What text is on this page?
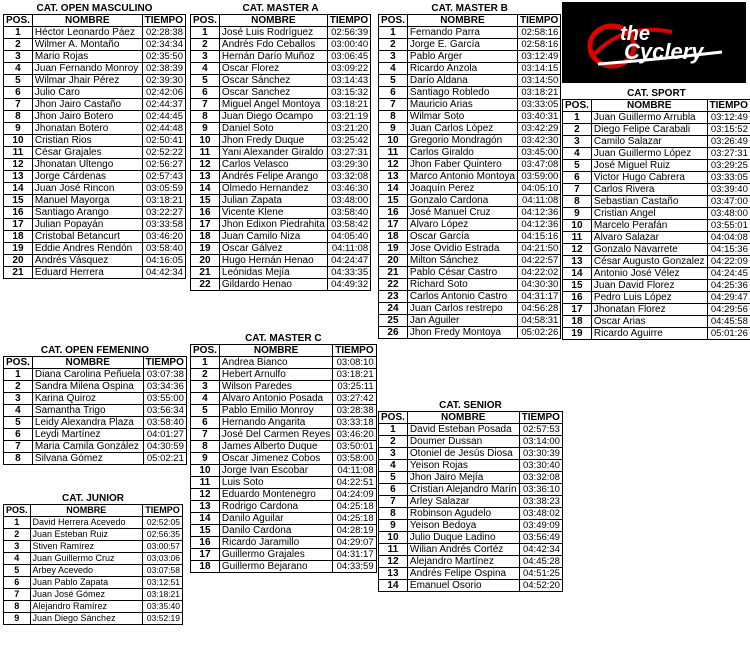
CAT. OPEN MASCULINO		
POS.	NOMBRE	TIEMPO
1	Héctor Leonardo Páez	02:28:38
2	Wilmer A. Montaño	02:34:34
3	Mario Rojas	02:35:50
4	Juan Fernando Monroy	02:38:39
5	Wilmar Jhair Pérez	02:39:30
6	Julio Caro	02:42:06
7	Jhon Jairo Castaño	02:44:37
8	Jhon Jairo Botero	02:44:45
9	Jhonatan Botero	02:44:48
10	Cristian Rios	02:50:41
11	César Grajales	02:52:22
12	Jhonatan Ultengo	02:56:27
13	Jorge Cárdenas	02:57:43
14	Juan José Rincon	03:05:59
15	Manuel Mayorga	03:18:21
16	Santiago Arango	03:22:27
17	Julian Popayán	03:33:58
18	Cristobal Betancurt	03:46:20
19	Eddie Andres Rendón	03:58:40
20	Andrés Vásquez	04:16:05
21	Eduard Herrera	04:42:34
CAT. OPEN FEMENINO		
POS.	NOMBRE	TIEMPO
1	Diana Carolina Peñuela	03:07:38
2	Sandra Milena Ospina	03:34:36
3	Karina Quiroz	03:55:00
4	Samantha Trigo	03:56:34
5	Leidy Alexandra Plaza	03:58:40
6	Leydi Martínez	04:01:27
7	Maria Camila González	04:30:59
8	Silvana Gómez	05:02:21
CAT. JUNIOR		
POS.	NOMBRE	TIEMPO
1	David Herrera Acevedo	02:52:05
2	Juan Esteban Ruiz	02:56:35
3	Stiven Ramírez	03:00:57
4	Juan Guillermo Cruz	03:03:06
5	Arbey Acevedo	03:07:58
6	Juan Pablo Zapata	03:12:51
7	Juan José Gómez	03:18:21
8	Alejandro Ramírez	03:35:40
9	Juan Diego Sánchez	03:52:19
CAT. MASTER A		
POS.	NOMBRE	TIEMPO
1	José Luis Rodríguez	02:56:39
2	Andrés Fdo Ceballos	03:00:40
3	Hernán Darío Muñoz	03:06:45
4	Oscar Florez	03:09:22
5	Oscar Sánchez	03:14:43
6	Oscar Sanchez	03:15:32
7	Miguel Angel Montoya	03:18:21
8	Juan Diego Ocampo	03:21:19
9	Daniel Soto	03:21:20
10	Jhon Fredy Duque	03:25:42
11	Yani Alexander Giraldo	03:27:31
12	Carlos Velasco	03:29:30
13	Andrés Felipe Arango	03:32:08
14	Olmedo Hernandez	03:46:30
15	Julian Zapata	03:48:00
16	Vicente Klene	03:58:40
17	Jhon Edixon Piedrahita	03:58:42
18	Juan Camilo Niza	04:05:40
19	Oscar Gálvez	04:11:08
20	Hugo Hernán Henao	04:24:47
21	Leónidas Mejía	04:33:35
22	Gildardo Henao	04:49:32
CAT. MASTER C		
POS.	NOMBRE	TIEMPO
1	Andrea Bianco	03:08:10
2	Hebert Arnulfo	03:18:21
3	Wilson Paredes	03:25:11
4	Álvaro Antonio Posada	03:27:42
5	Pablo Emilio Monroy	03:28:38
6	Hernando Angarita	03:33:18
7	José Del Carmen Reyes	03:46:20
8	James Alberto Duque	03:50:01
9	Oscar Jimenez Cobos	03:58:00
10	Jorge Ivan Escobar	04:11:08
11	Luis Soto	04:22:51
12	Eduardo Montenegro	04:24:09
13	Rodrigo Cardona	04:25:18
14	Danilo Aguilar	04:25:18
15	Danilo Cardona	04:28:19
16	Ricardo Jaramillo	04:29:07
17	Guillermo Grajales	04:31:17
18	Guillermo Bejarano	04:33:59
CAT. MASTER B		
POS.	NOMBRE	TIEMPO
1	Fernando Parra	02:58:16
2	Jorge E. García	02:58:16
3	Pablo Arger	03:12:49
4	Ricardo Anzola	03:14:15
5	Darío Aldana	03:14:50
6	Santiago Robledo	03:18:21
7	Mauricio Arias	03:33:05
8	Wilmar Soto	03:40:31
9	Juan Carlos López	03:42:29
10	Gregorio Mondragón	03:42:30
11	Carlos Giraldo	03:45:00
12	Jhon Faber Quintero	03:47:08
13	Marco Antonio Montoya	03:59:00
14	Joaquín Perez	04:05:10
15	Gonzalo Cardona	04:11:08
16	José Manuel Cruz	04:12:36
17	Alvaro López	04:12:36
18	Oscar García	04:15:16
19	Jose Ovidio Estrada	04:21:50
20	Milton Sánchez	04:22:57
21	Pablo César Castro	04:22:02
22	Richard Soto	04:30:30
23	Carlos Antonio Castro	04:31:17
24	Juan Carlos restrepo	04:56:28
25	Jan Aguiler	04:58:31
26	Jhon Fredy Montoya	05:02:26
CAT. SENIOR		
POS.	NOMBRE	TIEMPO
1	David Esteban Posada	02:57:53
2	Doumer Dussan	03:14:00
3	Otoniel de Jesús Diosa	03:30:39
4	Yeison Rojas	03:30:40
5	Jhon Jairo Mejía	03:32:08
6	Cristian Alejandro Marín	03:36:10
7	Arley Salazar	03:38:23
8	Robinson Agudelo	03:48:02
9	Yeison Bedoya	03:49:09
10	Julio Duque Ladino	03:56:49
11	Wilian Andrés Cortéz	04:42:34
12	Alejandro Martínez	04:45:28
13	Andrés Felipe Ospina	04:51:25
14	Emanuel Osorio	04:52:20
CAT. SPORT		
POS.	NOMBRE	TIEMPO
1	Juan Guillermo Arrubla	03:12:49
2	Diego Felipe Carabali	03:15:52
3	Camilo Salazar	03:26:49
4	Juan Guillermo López	03:27:31
5	José Miguel Ruiz	03:29:25
6	Victor Hugo Cabrera	03:33:05
7	Carlos Rivera	03:39:40
8	Sebastian Castaño	03:47:00
9	Cristian Angel	03:48:00
10	Marcelo Perafán	03:55:01
11	Alvaro Salazar	04:04:08
12	Gonzalo Navarrete	04:15:36
13	César Augusto Gonzalez	04:22:09
14	Antonio José Vélez	04:24:45
15	Juan David Florez	04:25:36
16	Pedro Luis López	04:29:47
17	Jhonatan Florez	04:29:56
18	Oscar Arias	04:45:58
19	Ricardo Aguirre	05:01:26
the
Cyclery
